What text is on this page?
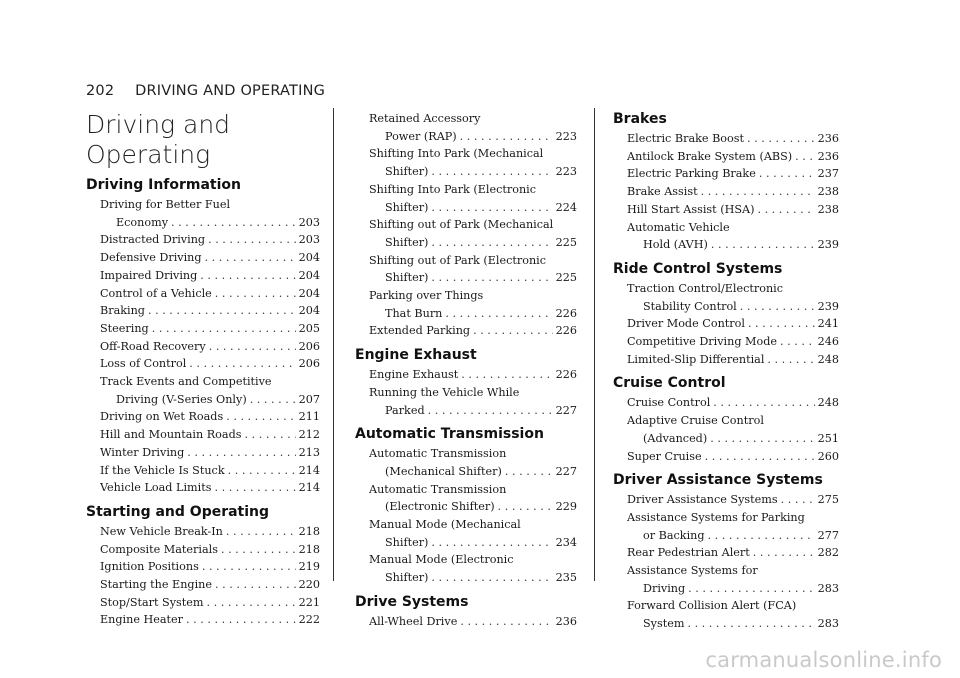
202 DRIVING AND OPERATING
Driving and
Operating
Driving Information
Driving for Better Fuel
Economy . . .	203
Distracted Driving . . .	203
Defensive Driving . . .	204
Impaired Driving . . .	204
Control of a Vehicle . . .	204
Braking . . .	204
Steering . . .	205
Off-Road Recovery . . .	206
Loss of Control . . .	206
Track Events and Competitive
Driving (V-Series Only) . . .	207
Driving on Wet Roads . . .	211
Hill and Mountain Roads . . .	212
Winter Driving . . .	213
If the Vehicle Is Stuck . . .	214
Vehicle Load Limits . . .	214
Starting and Operating
New Vehicle Break-In . . .	218
Composite Materials . . .	218
Ignition Positions . . .	219
Starting the Engine . . .	220
Stop/Start System . . .	221
Engine Heater . . .	222
Retained Accessory
Power (RAP) . . .	223
Shifting Into Park (Mechanical
Shifter) . . .	223
Shifting Into Park (Electronic
Shifter) . . .	224
Shifting out of Park (Mechanical
Shifter) . . .	225
Shifting out of Park (Electronic
Shifter) . . .	225
Parking over Things
That Burn . . .	226
Extended Parking . . .	226
Engine Exhaust
Engine Exhaust . . .	226
Running the Vehicle While
Parked . . .	227
Automatic Transmission
Automatic Transmission
(Mechanical Shifter) . . .	227
Automatic Transmission
(Electronic Shifter) . . .	229
Manual Mode (Mechanical
Shifter) . . .	234
Manual Mode (Electronic
Shifter) . . .	235
Drive Systems
All-Wheel Drive . . .	236
Brakes
Electric Brake Boost . . .	236
Antilock Brake System (ABS) . . . 236
Electric Parking Brake . . .	237
Brake Assist . . .	238
Hill Start Assist (HSA) . . .	238
Automatic Vehicle
Hold (AVH) . . .	239
Ride Control Systems
Traction Control/Electronic
Stability Control . . .	239
Driver Mode Control . . .	241
Competitive Driving Mode . . .	246
Limited-Slip Differential . . .	248
Cruise Control
Cruise Control . . .	248
Adaptive Cruise Control
(Advanced) . . .	251
Super Cruise . . .	260
Driver Assistance Systems
Driver Assistance Systems . . .	275
Assistance Systems for Parking
or Backing . . .	277
Rear Pedestrian Alert . . .	282
Assistance Systems for
Driving . . .	283
Forward Collision Alert (FCA)
System . . .	283
carmanualsonline.info
